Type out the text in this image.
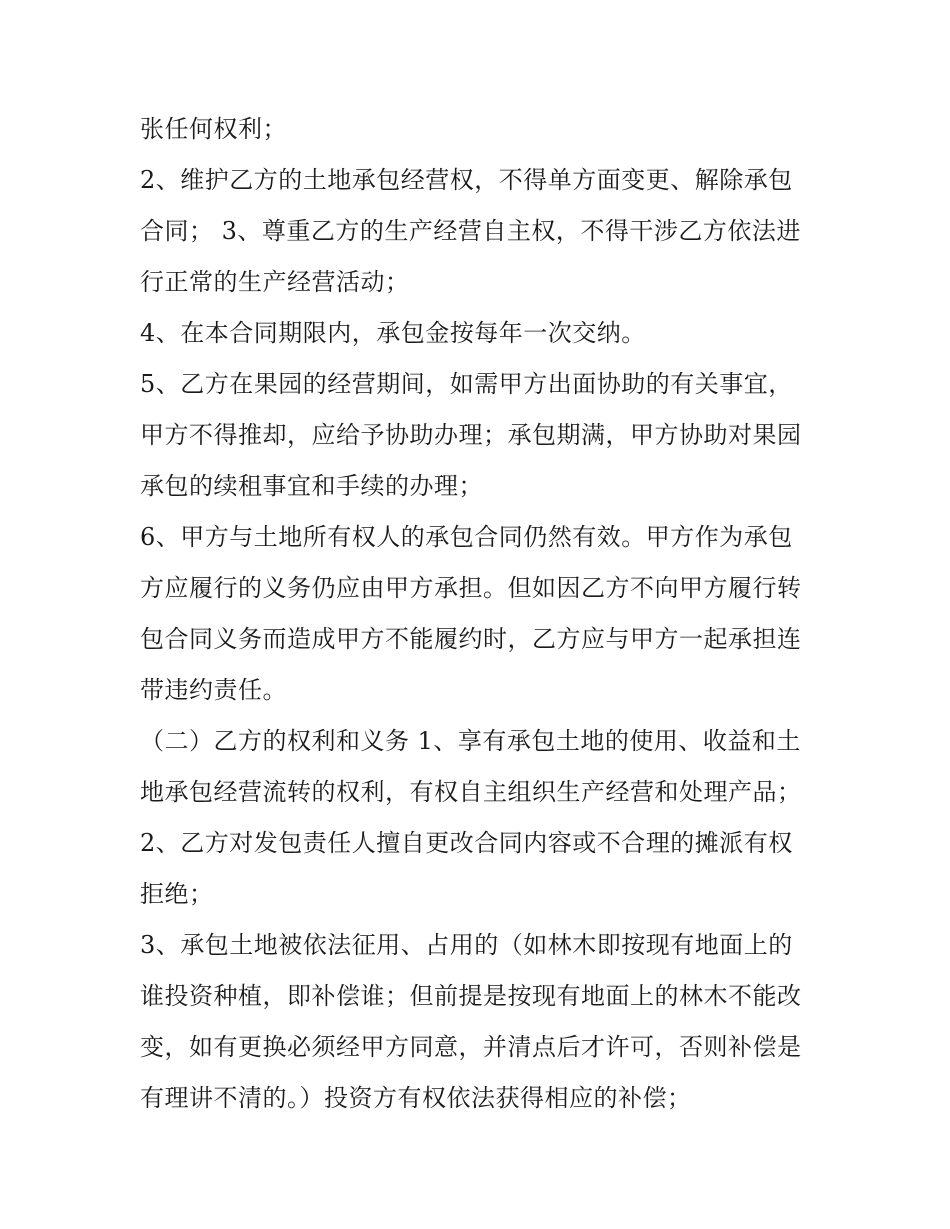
张任何权利；
2、维护乙方的土地承包经营权，不得单方面变更、解除承包
合同； 3、尊重乙方的生产经营自主权，不得干涉乙方依法进
行正常的生产经营活动；
4、在本合同期限内，承包金按每年一次交纳。
5、乙方在果园的经营期间，如需甲方出面协助的有关事宜，
甲方不得推却，应给予协助办理；承包期满，甲方协助对果园
承包的续租事宜和手续的办理；
6、甲方与土地所有权人的承包合同仍然有效。甲方作为承包
方应履行的义务仍应由甲方承担。但如因乙方不向甲方履行转
包合同义务而造成甲方不能履约时，乙方应与甲方一起承担连
带违约责任。
（二）乙方的权利和义务 1、享有承包土地的使用、收益和土
地承包经营流转的权利，有权自主组织生产经营和处理产品；
2、乙方对发包责任人擅自更改合同内容或不合理的摊派有权
拒绝；
3、承包土地被依法征用、占用的（如林木即按现有地面上的
谁投资种植，即补偿谁；但前提是按现有地面上的林木不能改
变，如有更换必须经甲方同意，并清点后才许可，否则补偿是
有理讲不清的。）投资方有权依法获得相应的补偿；
